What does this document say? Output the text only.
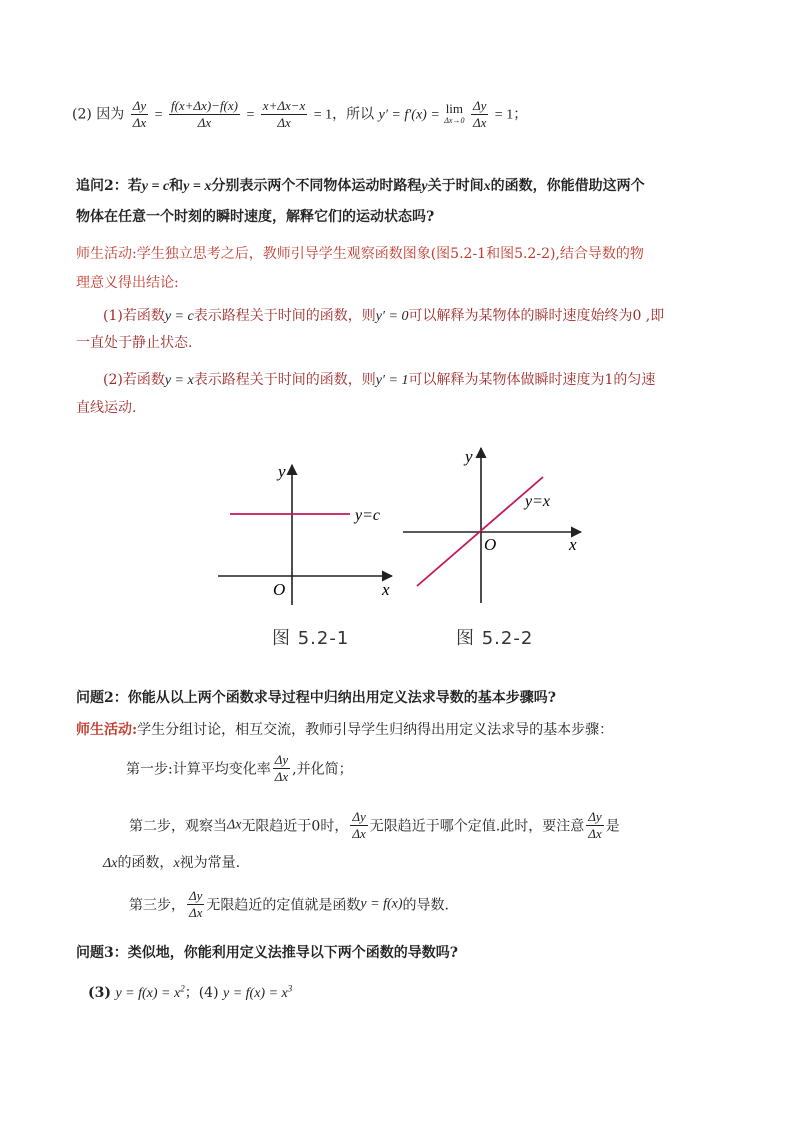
(2) 因为 $\frac{\Delta y}{\Delta x} = \frac{f(x+\Delta x)-f(x)}{\Delta x} = \frac{x+\Delta x-x}{\Delta x} = 1$，所以 y′ = f′(x) = lim
Δx→0
$\frac{\Delta y}{\Delta x} = 1$；
追问2：若y = c和y = x分别表示两个不同物体运动时路程y关于时间x的函数，你能借助这两个
物体在任意一个时刻的瞬时速度，解释它们的运动状态吗?
师生活动:学生独立思考之后，教师引导学生观察函数图象(图5.2-1和图5.2-2),结合导数的物
理意义得出结论:
(1)若函数y = c表示路程关于时间的函数，则y′ = 0可以解释为某物体的瞬时速度始终为0 ,即
一直处于静止状态.
(2)若函数y = x表示路程关于时间的函数，则y′ = 1可以解释为某物体做瞬时速度为1的匀速
直线运动.
y
x
O
y=c
图 5.2-1
y
x
O
y=x
图 5.2-2
问题2：你能从以上两个函数求导过程中归纳出用定义法求导数的基本步骤吗?
师生活动:学生分组讨论，相互交流，教师引导学生归纳得出用定义法求导的基本步骤：
第一步:计算平均变化率 $\frac{\Delta y}{\Delta x}$ ,并化简；
第二步，观察当Δx无限趋近于0时， $\frac{\Delta y}{\Delta x}$ 无限趋近于哪个定值.此时，要注意 $\frac{\Delta y}{\Delta x}$ 是
Δx的函数，x视为常量.
第三步， $\frac{\Delta y}{\Delta x}$ 无限趋近的定值就是函数y = f(x)的导数.
问题3：类似地，你能利用定义法推导以下两个函数的导数吗?
(3) $y = f(x) = x^2$；(4) $y = f(x) = x^3$
